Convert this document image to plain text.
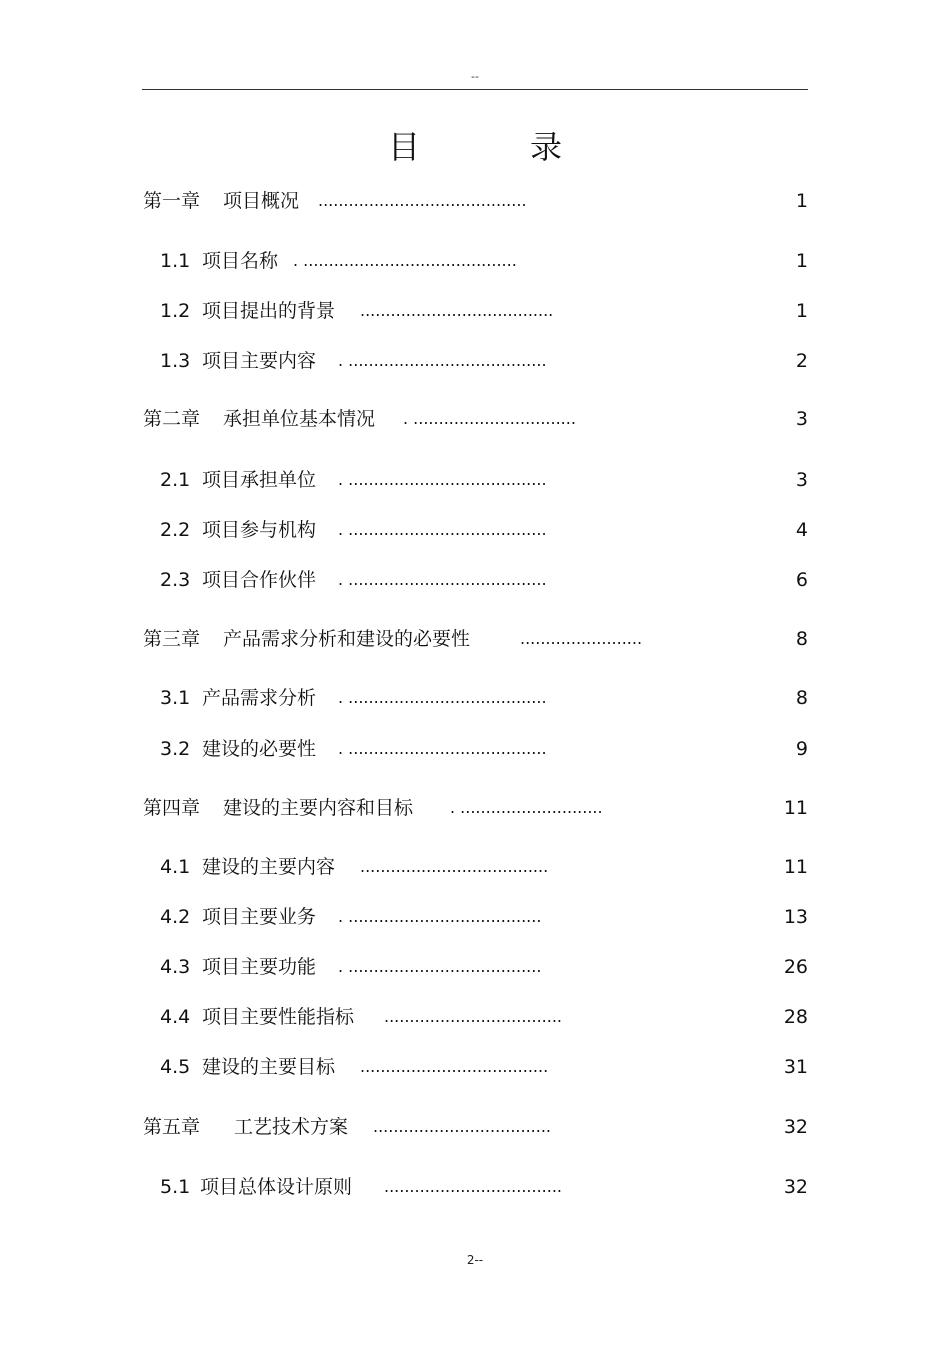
--
目	录
第一章 项目概况 .........................................	1
1.1 项目名称 . ..........................................	1
1.2 项目提出的背景 ......................................	1
1.3 项目主要内容 . .......................................	2
第二章 承担单位基本情况 . ................................	3
2.1 项目承担单位 . .......................................	3
2.2 项目参与机构 . .......................................	4
2.3 项目合作伙伴 . .......................................	6
第三章 产品需求分析和建设的必要性	........................	8
3.1 产品需求分析 . .......................................	8
3.2 建设的必要性 . .......................................	9
第四章 建设的主要内容和目标 . ............................	11
4.1 建设的主要内容 .....................................	11
4.2 项目主要业务 . ......................................	13
4.3 项目主要功能 . ......................................	26
4.4 项目主要性能指标 ...................................	28
4.5 建设的主要目标 .....................................	31
第五章 工艺技术方案 ...................................	32
5.1 项目总体设计原则 ...................................	32
2--
